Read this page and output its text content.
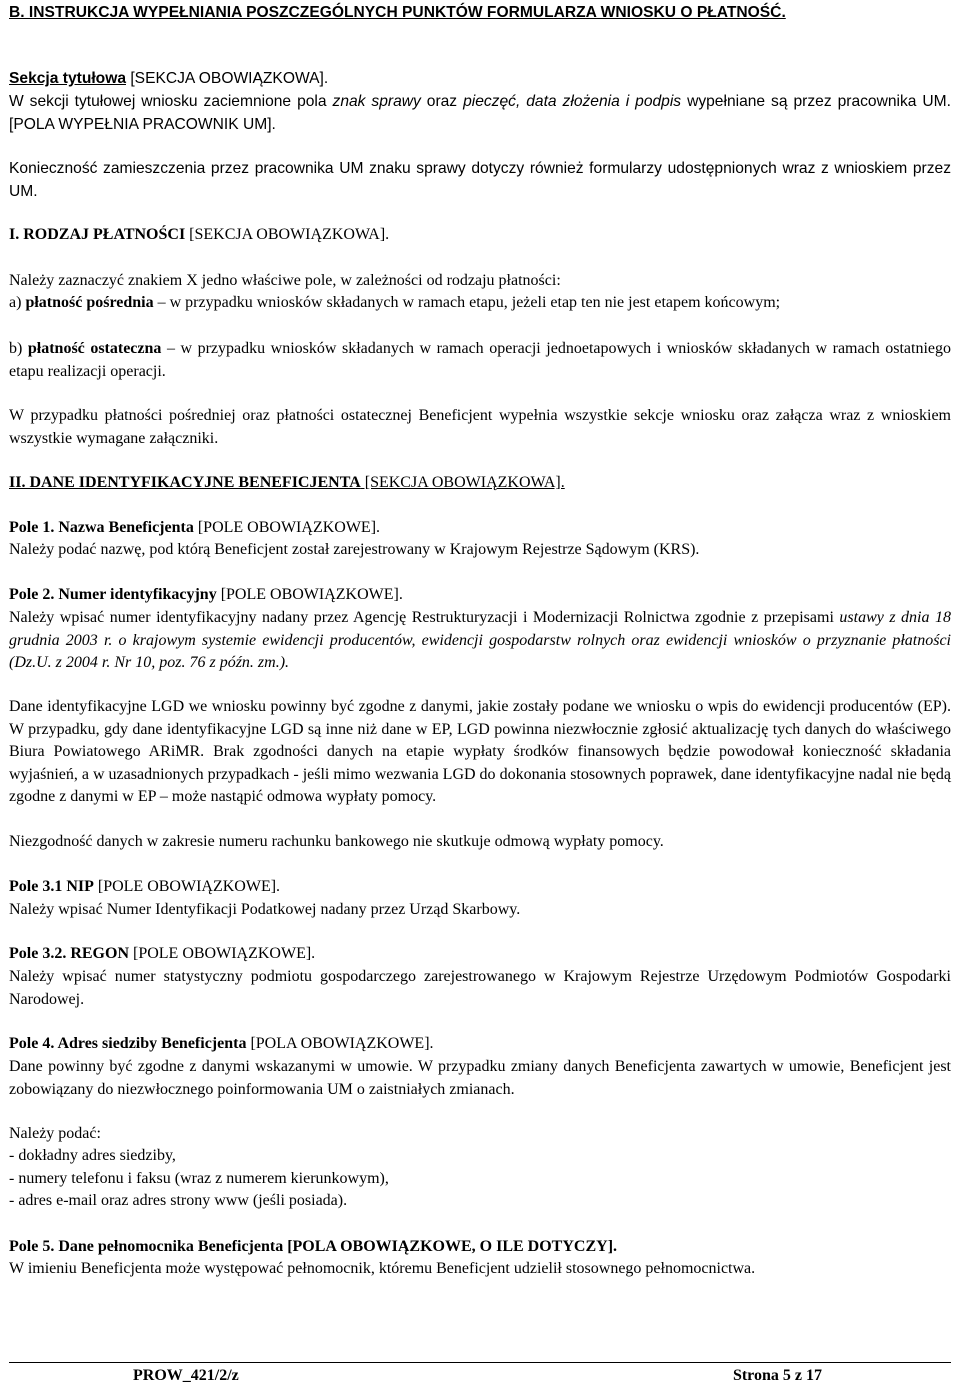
B. INSTRUKCJA WYPEŁNIANIA POSZCZEGÓLNYCH PUNKTÓW FORMULARZA WNIOSKU O PŁATNOŚĆ.

Sekcja tytułowa [SEKCJA OBOWIĄZKOWA].

W sekcji tytułowej wniosku zaciemnione pola znak sprawy oraz pieczęć, data złożenia i podpis wypełniane są przez pracownika UM. [POLA WYPEŁNIA PRACOWNIK UM].

Konieczność zamieszczenia przez pracownika UM znaku sprawy dotyczy również formularzy udostępnionych wraz z wnioskiem przez UM.

I. RODZAJ PŁATNOŚCI [SEKCJA OBOWIĄZKOWA].

Należy zaznaczyć znakiem X jedno właściwe pole, w zależności od rodzaju płatności:

a) płatność pośrednia – w przypadku wniosków składanych w ramach etapu, jeżeli etap ten nie jest etapem końcowym;

b) płatność ostateczna – w przypadku wniosków składanych w ramach operacji jednoetapowych i wniosków składanych w ramach ostatniego etapu realizacji operacji.

W przypadku płatności pośredniej oraz płatności ostatecznej Beneficjent wypełnia wszystkie sekcje wniosku oraz załącza wraz z wnioskiem wszystkie wymagane załączniki.

II. DANE IDENTYFIKACYJNE BENEFICJENTA [SEKCJA OBOWIĄZKOWA].

Pole 1. Nazwa Beneficjenta [POLE OBOWIĄZKOWE].

Należy podać nazwę, pod którą Beneficjent został zarejestrowany w Krajowym Rejestrze Sądowym (KRS).

Pole 2. Numer identyfikacyjny [POLE OBOWIĄZKOWE].

Należy wpisać numer identyfikacyjny nadany przez Agencję Restrukturyzacji i Modernizacji Rolnictwa zgodnie z przepisami ustawy z dnia 18 grudnia 2003 r. o krajowym systemie ewidencji producentów, ewidencji gospodarstw rolnych oraz ewidencji wniosków o przyznanie płatności (Dz.U. z 2004 r. Nr 10, poz. 76 z późn. zm.).

Dane identyfikacyjne LGD we wniosku powinny być zgodne z danymi, jakie zostały podane we wniosku o wpis do ewidencji producentów (EP). W przypadku, gdy dane identyfikacyjne LGD są inne niż dane w EP, LGD powinna niezwłocznie zgłosić aktualizację tych danych do właściwego Biura Powiatowego ARiMR. Brak zgodności danych na etapie wypłaty środków finansowych będzie powodował konieczność składania wyjaśnień, a w uzasadnionych przypadkach - jeśli mimo wezwania LGD do dokonania stosownych poprawek, dane identyfikacyjne nadal nie będą zgodne z danymi w EP – może nastąpić odmowa wypłaty pomocy.

Niezgodność danych w zakresie numeru rachunku bankowego nie skutkuje odmową wypłaty pomocy.

Pole 3.1 NIP [POLE OBOWIĄZKOWE].

Należy wpisać Numer Identyfikacji Podatkowej nadany przez Urząd Skarbowy.

Pole 3.2. REGON [POLE OBOWIĄZKOWE].

Należy wpisać numer statystyczny podmiotu gospodarczego zarejestrowanego w Krajowym Rejestrze Urzędowym Podmiotów Gospodarki Narodowej.

Pole 4. Adres siedziby Beneficjenta [POLA OBOWIĄZKOWE].

Dane powinny być zgodne z danymi wskazanymi w umowie. W przypadku zmiany danych Beneficjenta zawartych w umowie, Beneficjent jest zobowiązany do niezwłocznego poinformowania UM o zaistniałych zmianach.

Należy podać:

- dokładny adres siedziby,

- numery telefonu i faksu (wraz z numerem kierunkowym),

- adres e-mail oraz adres strony www (jeśli posiada).

Pole 5. Dane pełnomocnika Beneficjenta [POLA OBOWIĄZKOWE, O ILE DOTYCZY].

W imieniu Beneficjenta może występować pełnomocnik, któremu Beneficjent udzielił stosownego pełnomocnictwa.

PROW_421/2/z	Strona 5 z 17
